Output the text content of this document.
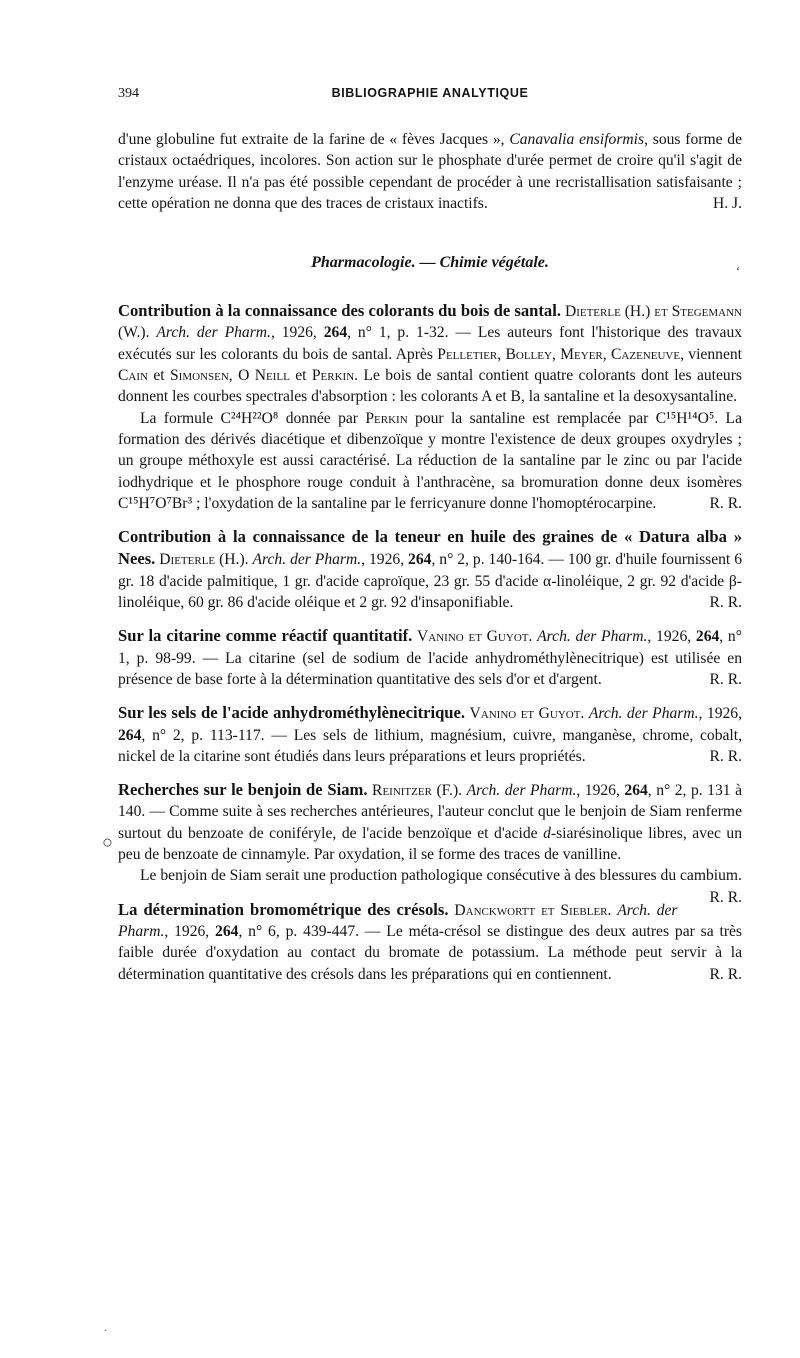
394	BIBLIOGRAPHIE ANALYTIQUE

d'une globuline fut extraite de la farine de « fèves Jacques », Canavalia ensiformis, sous forme de cristaux octaédriques, incolores. Son action sur le phosphate d'urée permet de croire qu'il s'agit de l'enzyme uréase. Il n'a pas été possible cependant de procéder à une recristallisation satisfaisante ; cette opération ne donna que des traces de cristaux inactifs.	H. J.

Pharmacologie. — Chimie végétale.

Contribution à la connaissance des colorants du bois de santal. Dieterle (H.) et Stegemann (W.). Arch. der Pharm., 1926, 264, n° 1, p. 1-32. — Les auteurs font l'historique des travaux exécutés sur les colorants du bois de santal. Après Pelletier, Bolley, Meyer, Cazeneuve, viennent Cain et Simonsen, O Neill et Perkin. Le bois de santal contient quatre colorants dont les auteurs donnent les courbes spectrales d'absorption : les colorants A et B, la santaline et la desoxysantaline.

La formule C²⁴H²²O⁸ donnée par Perkin pour la santaline est remplacée par C¹⁵H¹⁴O⁵. La formation des dérivés diacétique et dibenzoïque y montre l'existence de deux groupes oxydryles ; un groupe méthoxyle est aussi caractérisé. La réduction de la santaline par le zinc ou par l'acide iodhydrique et le phosphore rouge conduit à l'anthracène, sa bromuration donne deux isomères C¹⁵H⁷O⁷Br³ ; l'oxydation de la santaline par le ferricyanure donne l'homoptérocarpine.	R. R.

Contribution à la connaissance de la teneur en huile des graines de « Datura alba » Nees. Dieterle (H.). Arch. der Pharm., 1926, 264, n° 2, p. 140-164. — 100 gr. d'huile fournissent 6 gr. 18 d'acide palmitique, 1 gr. d'acide caproïque, 23 gr. 55 d'acide α-linoléique, 2 gr. 92 d'acide β-linoléique, 60 gr. 86 d'acide oléique et 2 gr. 92 d'insaponifiable.	R. R.

Sur la citarine comme réactif quantitatif. Vanino et Guyot. Arch. der Pharm., 1926, 264, n° 1, p. 98-99. — La citarine (sel de sodium de l'acide anhydrométhylènecitrique) est utilisée en présence de base forte à la détermination quantitative des sels d'or et d'argent.	R. R.

Sur les sels de l'acide anhydrométhylènecitrique. Vanino et Guyot. Arch. der Pharm., 1926, 264, n° 2, p. 113-117. — Les sels de lithium, magnésium, cuivre, manganèse, chrome, cobalt, nickel de la citarine sont étudiés dans leurs préparations et leurs propriétés.	R. R.

Recherches sur le benjoin de Siam. Reinitzer (F.). Arch. der Pharm., 1926, 264, n° 2, p. 131 à 140. — Comme suite à ses recherches antérieures, l'auteur conclut que le benjoin de Siam renferme surtout du benzoate de coniféryle, de l'acide benzoïque et d'acide d-siarésinolique libres, avec un peu de benzoate de cinnamyle. Par oxydation, il se forme des traces de vanilline.

Le benjoin de Siam serait une production pathologique consécutive à des blessures du cambium.
R. R.

La détermination bromométrique des crésols. Danckwortt et Siebler. Arch. der Pharm., 1926, 264, n° 6, p. 439-447. — Le méta-crésol se distingue des deux autres par sa très faible durée d'oxydation au contact du bromate de potassium. La méthode peut servir à la détermination quantitative des crésols dans les préparations qui en contiennent.	R. R.

○
ʻ
·
